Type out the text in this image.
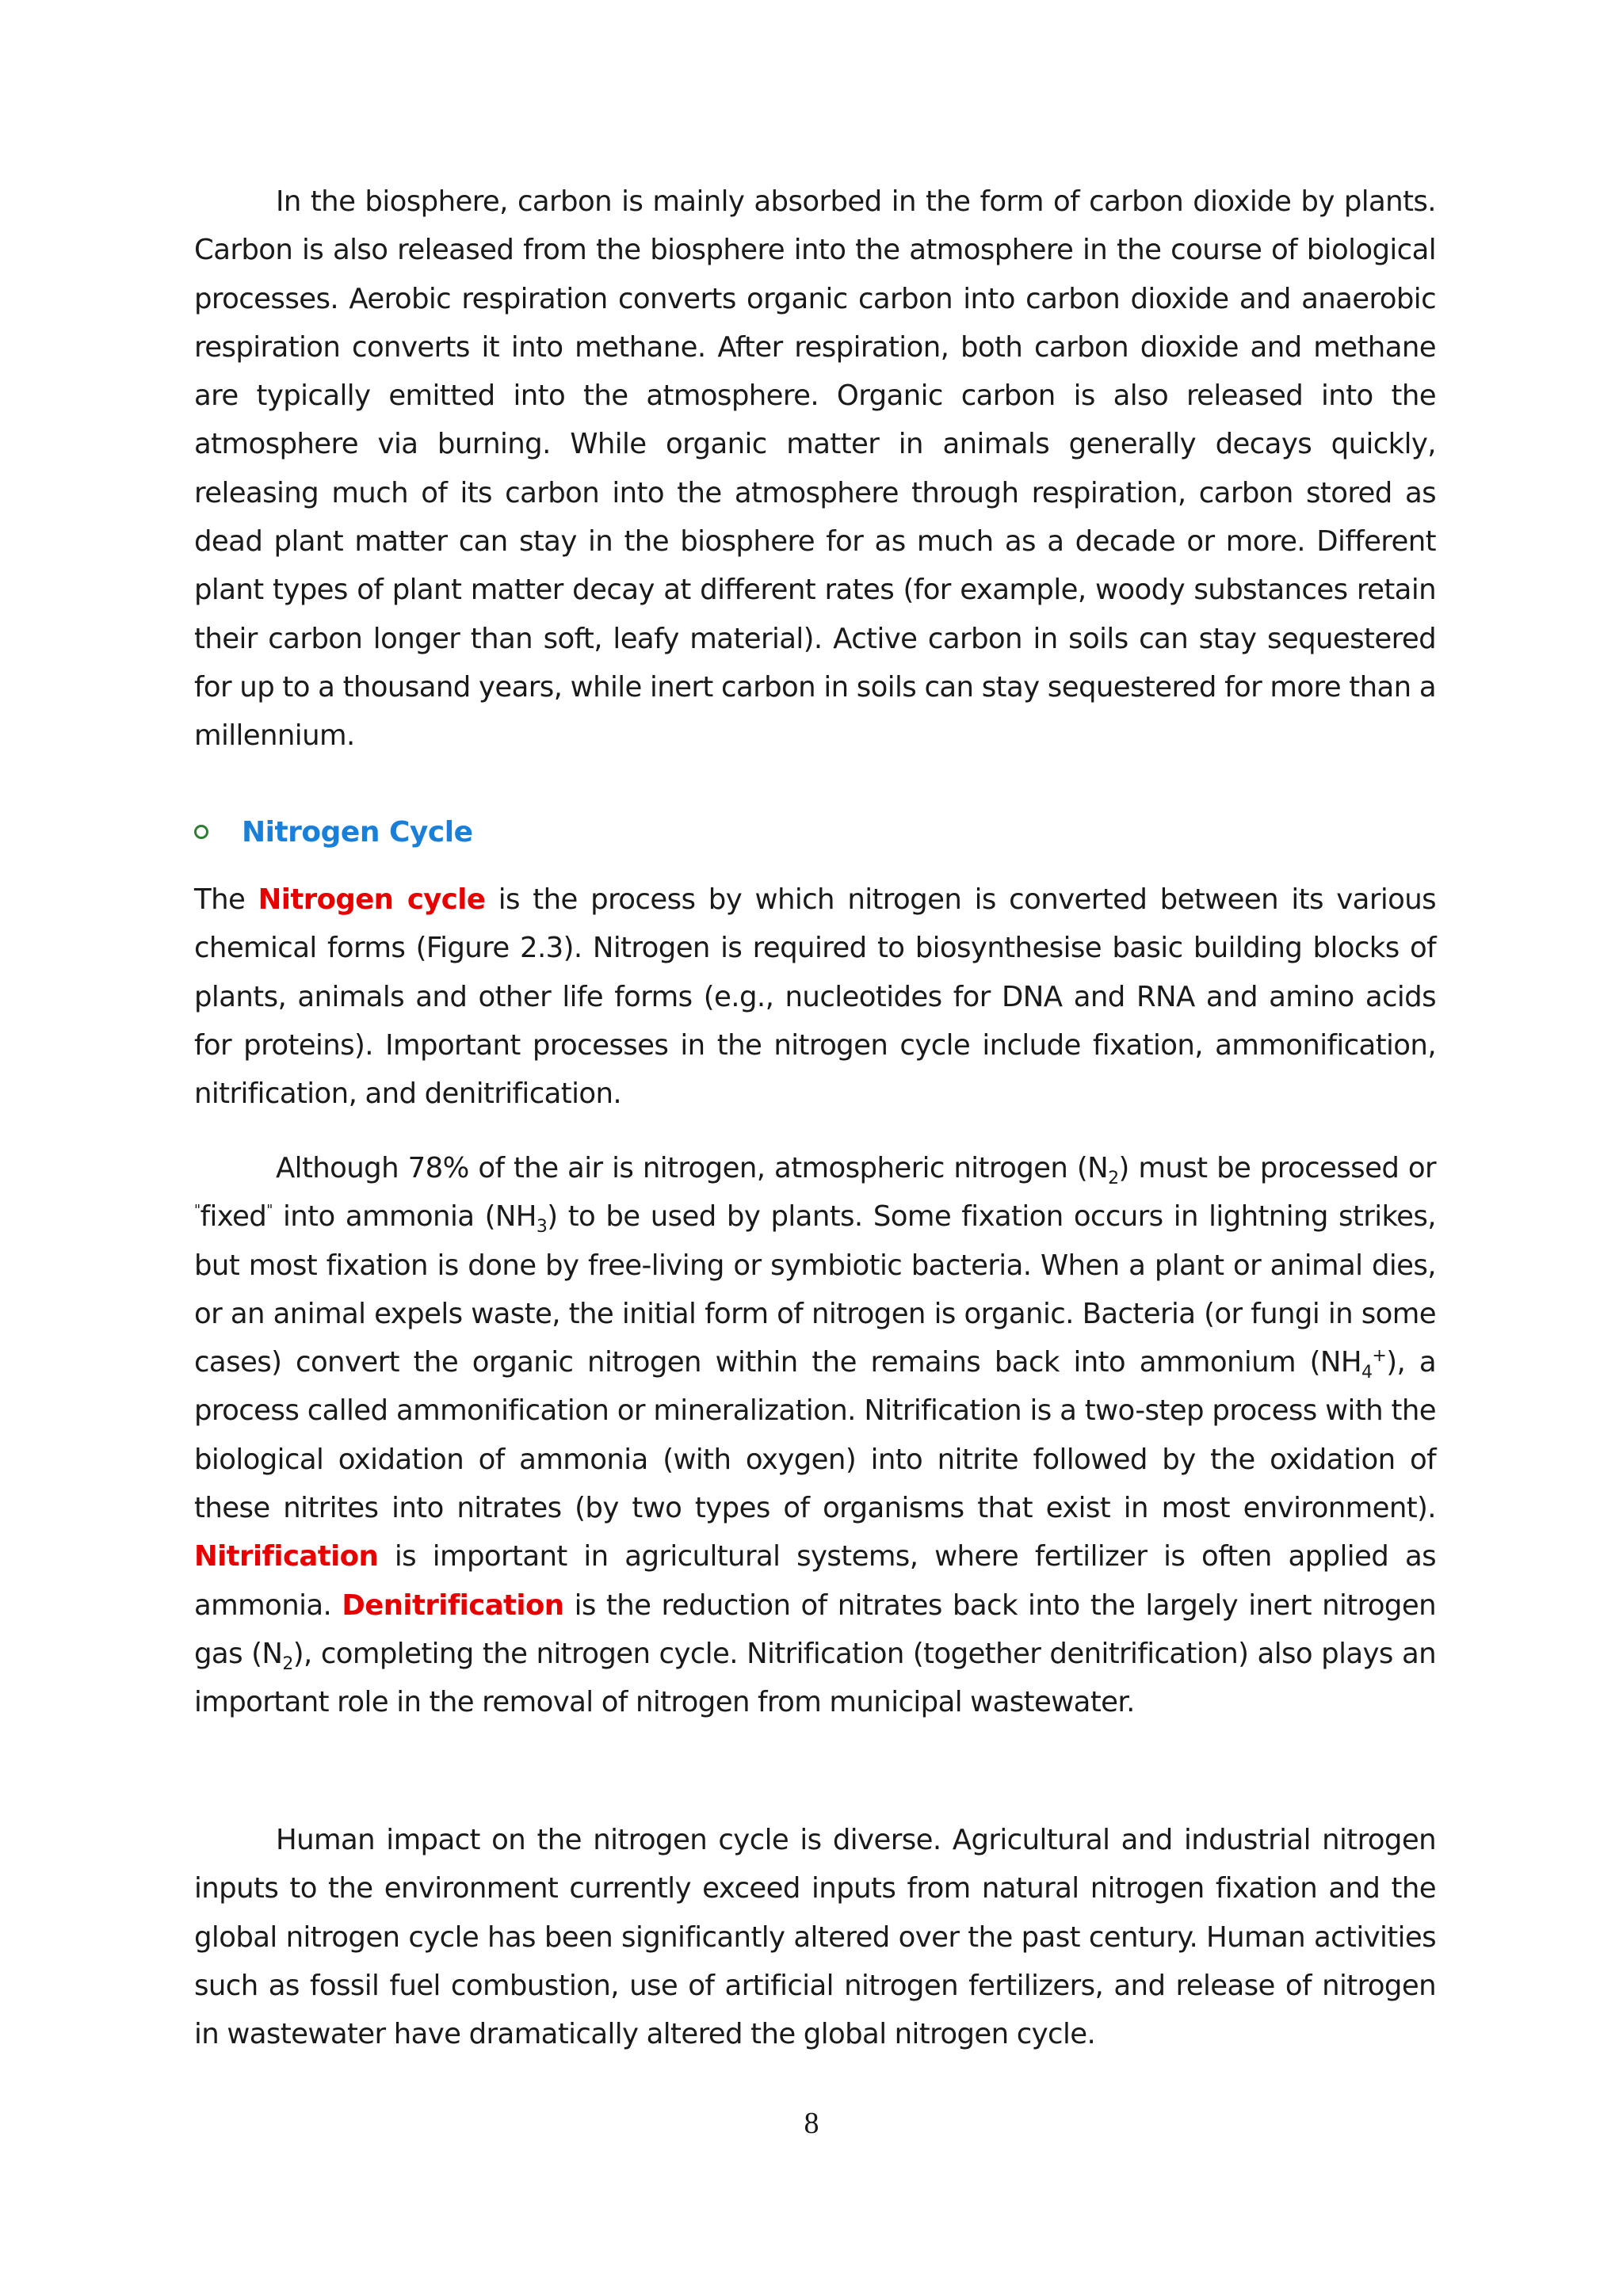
In the biosphere, carbon is mainly absorbed in the form of carbon dioxide by plants. Carbon is also released from the biosphere into the atmosphere in the course of biological processes. Aerobic respiration converts organic carbon into carbon dioxide and anaerobic respiration converts it into methane. After respiration, both carbon dioxide and methane are typically emitted into the atmosphere. Organic carbon is also released into the atmosphere via burning. While organic matter in animals generally decays quickly, releasing much of its carbon into the atmosphere through respiration, carbon stored as dead plant matter can stay in the biosphere for as much as a decade or more. Different plant types of plant matter decay at different rates (for example, woody substances retain their carbon longer than soft, leafy material). Active carbon in soils can stay sequestered for up to a thousand years, while inert carbon in soils can stay sequestered for more than a millennium.

Nitrogen Cycle

The Nitrogen cycle is the process by which nitrogen is converted between its various chemical forms (Figure 2.3). Nitrogen is required to biosynthesise basic building blocks of plants, animals and other life forms (e.g., nucleotides for DNA and RNA and amino acids for proteins). Important processes in the nitrogen cycle include fixation, ammonification, nitrification, and denitrification.

Although 78% of the air is nitrogen, atmospheric nitrogen $(N_2)$ must be processed or "fixed" into ammonia $(NH_3)$ to be used by plants. Some fixation occurs in lightning strikes, but most fixation is done by free-living or symbiotic bacteria. When a plant or animal dies, or an animal expels waste, the initial form of nitrogen is organic. Bacteria (or fungi in some cases) convert the organic nitrogen within the remains back into ammonium $(NH_4^+)$, a process called ammonification or mineralization. Nitrification is a two-step process with the biological oxidation of ammonia (with oxygen) into nitrite followed by the oxidation of these nitrites into nitrates (by two types of organisms that exist in most environment). Nitrification is important in agricultural systems, where fertilizer is often applied as ammonia. Denitrification is the reduction of nitrates back into the largely inert nitrogen gas $(N_2)$, completing the nitrogen cycle. Nitrification (together denitrification) also plays an important role in the removal of nitrogen from municipal wastewater.

Human impact on the nitrogen cycle is diverse. Agricultural and industrial nitrogen inputs to the environment currently exceed inputs from natural nitrogen fixation and the global nitrogen cycle has been significantly altered over the past century. Human activities such as fossil fuel combustion, use of artificial nitrogen fertilizers, and release of nitrogen in wastewater have dramatically altered the global nitrogen cycle.

8
